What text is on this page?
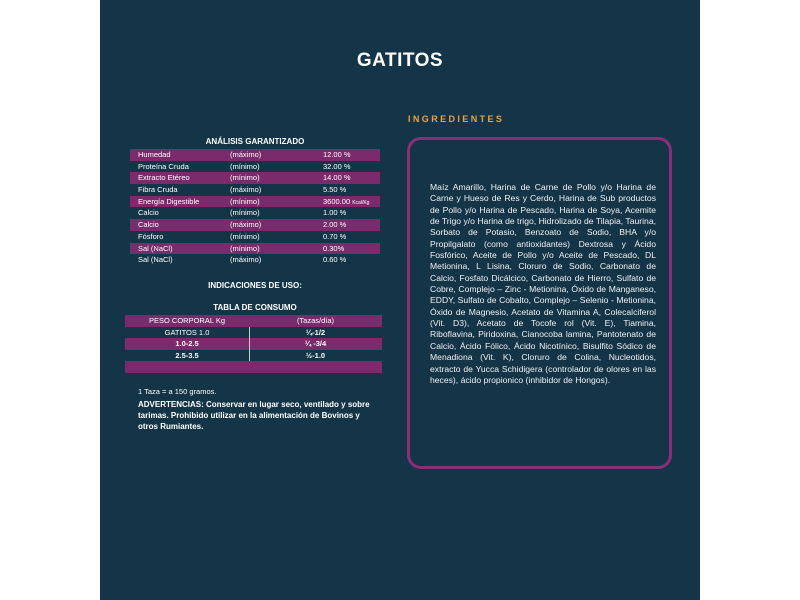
GATITOS
ANÁLISIS GARANTIZADO
Humedad	(máximo)	12.00 %
Proteína Cruda	(mínimo)	32.00 %
Extracto Etéreo	(mínimo)	14.00 %
Fibra Cruda	(máximo)	5.50 %
Energía Digestible	(mínimo)	3600.00 Kcal/Kg
Calcio	(mínimo)	1.00 %
Calcio	(máximo)	2.00 %
Fósforo	(mínimo)	0.70 %
Sal (NaCl)	(mínimo)	0.30%
Sal (NaCl)	(máximo)	0.60 %
INDICACIONES DE USO:
TABLA DE CONSUMO
PESO CORPORAL Kg	(Tazas/día)
GATITOS 1.0	¼-1/2
1.0-2.5	¼ -3/4
2.5-3.5	½-1.0
1 Taza = a 150 gramos.
ADVERTENCIAS: Conservar en lugar seco, ventilado y sobre tarimas. Prohibido utilizar en la alimentación de Bovinos y otros Rumiantes.
INGREDIENTES
Maíz Amarillo, Harina de Carne de Pollo y/o Harina de Carne y Hueso de Res y Cerdo, Harina de Sub productos de Pollo y/o Harina de Pescado, Harina de Soya, Acemite de Trigo y/o Harina de trigo, Hidrolizado de Tilapia, Taurina, Sorbato de Potasio, Benzoato de Sodio, BHA y/o Propilgalato (como antioxidantes) Dextrosa y Ácido Fosfórico, Aceite de Pollo y/o Aceite de Pescado, DL Metionina, L Lisina, Cloruro de Sodio, Carbonato de Calcio, Fosfato Dicálcico, Carbonato de Hierro, Sulfato de Cobre, Complejo – Zinc - Metionina, Óxido de Manganeso, EDDY, Sulfato de Cobalto, Complejo – Selenio - Metionina, Óxido de Magnesio, Acetato de Vitamina A, Colecalciferol (Vit. D3), Acetato de Tocofe rol (Vit. E), Tiamina, Riboflavina, Piridoxina, Cianocoba lamina, Pantotenato de Calcio, Ácido Fólico, Ácido Nicotínico, Bisulfito Sódico de Menadiona (Vit. K), Cloruro de Colina, Nucleotidos, extracto de Yucca Schidigera (controlador de olores en las heces), ácido propionico (inhibidor de Hongos).
